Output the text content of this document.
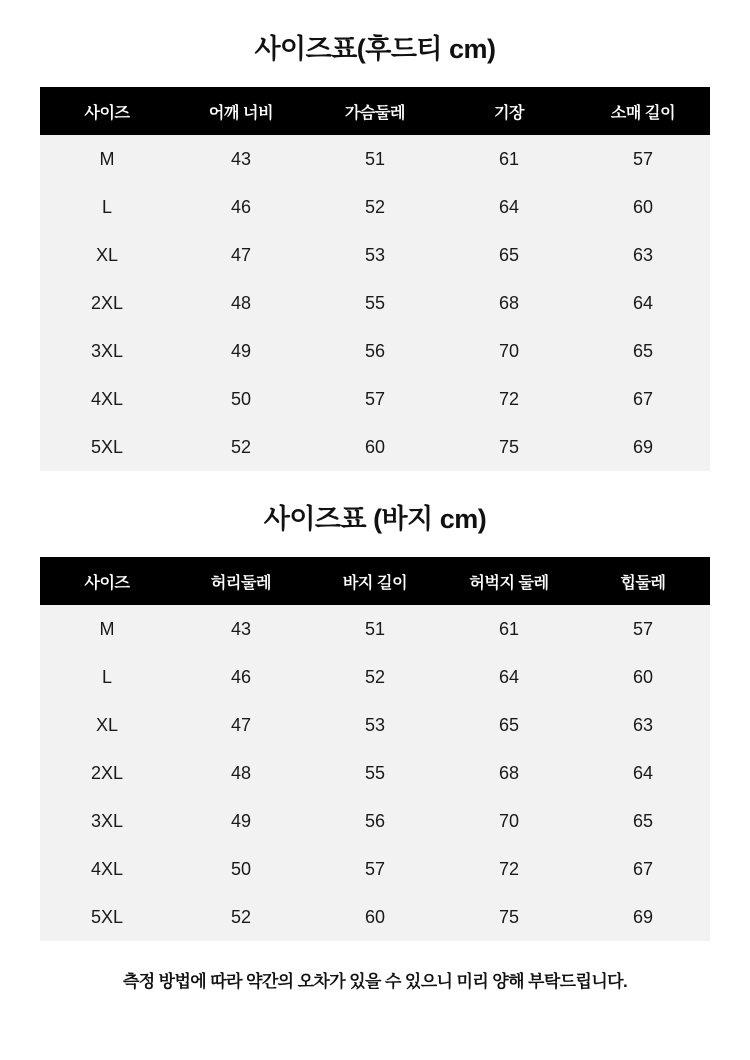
사이즈표(후드티 cm)
사이즈	어깨 너비	가슴둘레	기장	소매 길이
M	43	51	61	57
L	46	52	64	60
XL	47	53	65	63
2XL	48	55	68	64
3XL	49	56	70	65
4XL	50	57	72	67
5XL	52	60	75	69
사이즈표 (바지 cm)
사이즈	허리둘레	바지 길이	허벅지 둘레	힙둘레
M	43	51	61	57
L	46	52	64	60
XL	47	53	65	63
2XL	48	55	68	64
3XL	49	56	70	65
4XL	50	57	72	67
5XL	52	60	75	69
측정 방법에 따라 약간의 오차가 있을 수 있으니 미리 양해 부탁드립니다.
